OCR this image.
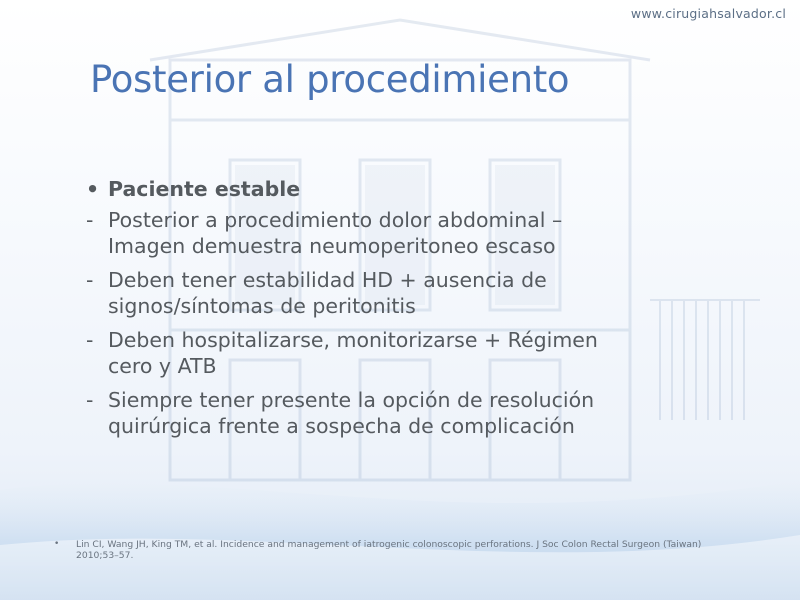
www.cirugiahsalvador.cl
Posterior al procedimiento
• Paciente estable
- Posterior a procedimiento dolor abdominal –
Imagen demuestra neumoperitoneo escaso
- Deben tener estabilidad HD + ausencia de
signos/síntomas de peritonitis
- Deben hospitalizarse, monitorizarse + Régimen
cero y ATB
- Siempre tener presente la opción de resolución
quirúrgica frente a sospecha de complicación
•	Lin CI, Wang JH, King TM, et al. Incidence and management of iatrogenic colonoscopic perforations. J Soc Colon Rectal Surgeon (Taiwan)
2010;53–57.
